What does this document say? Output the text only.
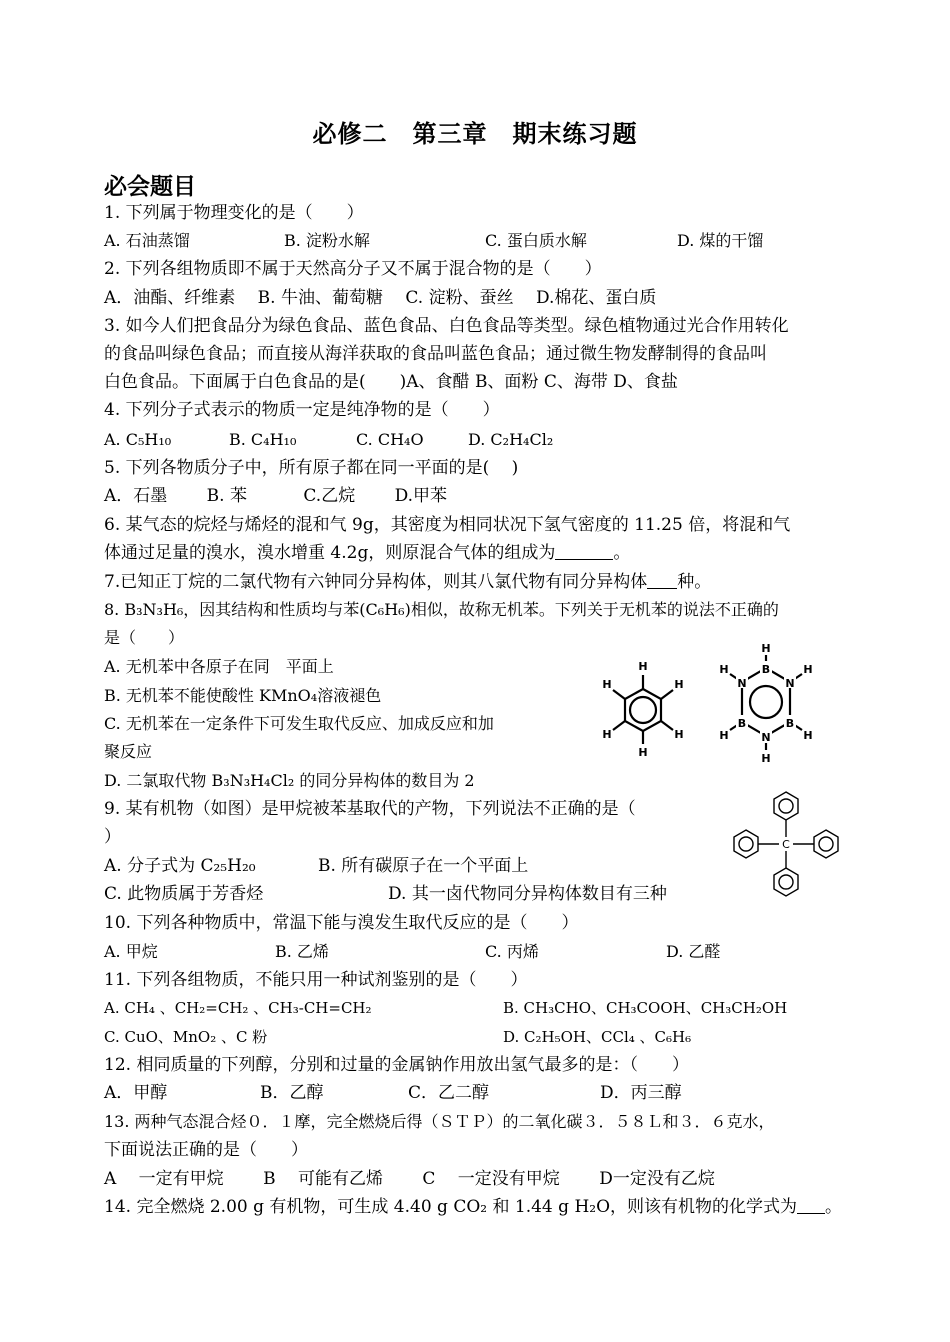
必修二　第三章　期末练习题
必会题目
1. 下列属于物理变化的是（　　）
A. 石油蒸馏	B. 淀粉水解	C. 蛋白质水解	D. 煤的干馏
2. 下列各组物质即不属于天然高分子又不属于混合物的是（　　）
A．油酯、纤维素　 B. 牛油、葡萄糖　 C. 淀粉、蚕丝　 D.棉花、蛋白质
3. 如今人们把食品分为绿色食品、蓝色食品、白色食品等类型。绿色植物通过光合作用转化
的食品叫绿色食品；而直接从海洋获取的食品叫蓝色食品；通过微生物发酵制得的食品叫
白色食品。下面属于白色食品的是(　　)A、食醋 B、面粉 C、海带 D、食盐
4. 下列分子式表示的物质一定是纯净物的是（　　）
A. C₅H₁₀	B. C₄H₁₀	C. CH₄O	D. C₂H₄Cl₂
5. 下列各物质分子中，所有原子都在同一平面的是(　 )
A．石墨　　 B. 苯　　　 C.乙烷　　 D.甲苯
6. 某气态的烷烃与烯烃的混和气 9g，其密度为相同状况下氢气密度的 11.25 倍，将混和气
体通过足量的溴水，溴水增重 4.2g，则原混合气体的组成为	。
7.已知正丁烷的二氯代物有六钟同分异构体，则其八氯代物有同分异构体 种。
8. B₃N₃H₆，因其结构和性质均与苯(C₆H₆)相似，故称无机苯。下列关于无机苯的说法不正确的
是（　　）
A. 无机苯中各原子在同　平面上
B. 无机苯不能使酸性 KMnO₄溶液褪色
C. 无机苯在一定条件下可发生取代反应、加成反应和加
聚反应
D. 二氯取代物 B₃N₃H₄Cl₂ 的同分异构体的数目为 2
H
H
H
H
H
H
B
N
B
N
B
N
H
H
H
H
H
H
9. 某有机物（如图）是甲烷被苯基取代的产物，下列说法不正确的是（
）
A. 分子式为 C₂₅H₂₀	B. 所有碳原子在一个平面上
C. 此物质属于芳香烃	D. 其一卤代物同分异构体数目有三种
C
10. 下列各种物质中，常温下能与溴发生取代反应的是（　　）
A. 甲烷	B. 乙烯	C. 丙烯	D. 乙醛
11. 下列各组物质，不能只用一种试剂鉴别的是（　　）
A. CH₄ 、CH₂=CH₂ 、CH₃-CH=CH₂	B. CH₃CHO、CH₃COOH、CH₃CH₂OH
C. CuO、MnO₂ 、C 粉	D. C₂H₅OH、CCl₄ 、C₆H₆
12. 相同质量的下列醇，分别和过量的金属钠作用放出氢气最多的是：（　　）
A．甲醇	B．乙醇	C．乙二醇	D．丙三醇
13. 两种气态混合烃０．１摩，完全燃烧后得（ＳＴＰ）的二氧化碳３．５８Ｌ和３．６克水，
下面说法正确的是（　　）
A　 一定有甲烷　　 B　 可能有乙烯　　 C　 一定没有甲烷　　 D一定没有乙烷
14. 完全燃烧 2.00 g 有机物，可生成 4.40 g CO₂ 和 1.44 g H₂O，则该有机物的化学式为 。
